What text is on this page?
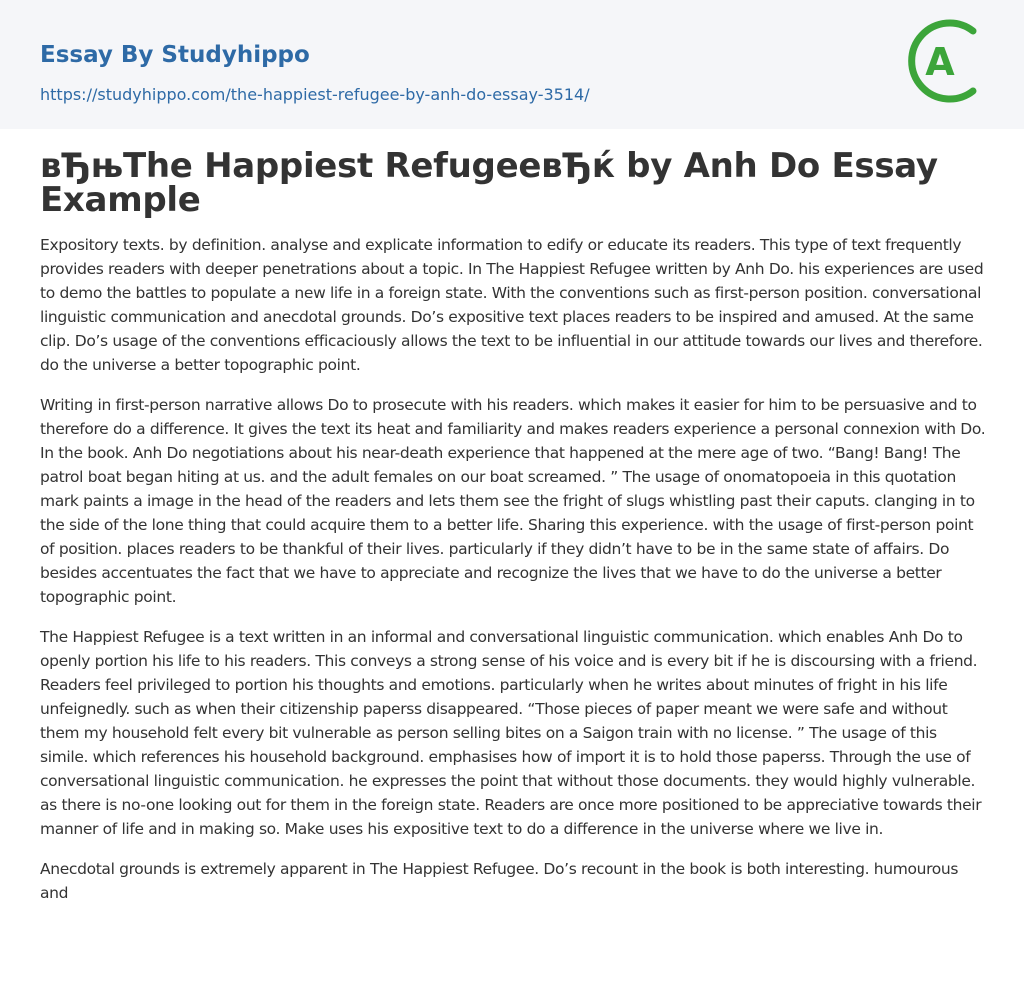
Essay By Studyhippo
https://studyhippo.com/the-happiest-refugee-by-anh-do-essay-3514/
A
вЂњThe Happiest RefugeeвЂќ by Anh Do Essay Example

Expository texts. by definition. analyse and explicate information to edify or educate its readers. This type of text frequently provides readers with deeper penetrations about a topic. In The Happiest Refugee written by Anh Do. his experiences are used to demo the battles to populate a new life in a foreign state. With the conventions such as first-person position. conversational linguistic communication and anecdotal grounds. Do’s expositive text places readers to be inspired and amused. At the same clip. Do’s usage of the conventions efficaciously allows the text to be influential in our attitude towards our lives and therefore. do the universe a better topographic point.

Writing in first-person narrative allows Do to prosecute with his readers. which makes it easier for him to be persuasive and to therefore do a difference. It gives the text its heat and familiarity and makes readers experience a personal connexion with Do. In the book. Anh Do negotiations about his near-death experience that happened at the mere age of two. “Bang! Bang! The patrol boat began hiting at us. and the adult females on our boat screamed. ” The usage of onomatopoeia in this quotation mark paints a image in the head of the readers and lets them see the fright of slugs whistling past their caputs. clanging in to the side of the lone thing that could acquire them to a better life. Sharing this experience. with the usage of first-person point of position. places readers to be thankful of their lives. particularly if they didn’t have to be in the same state of affairs. Do besides accentuates the fact that we have to appreciate and recognize the lives that we have to do the universe a better topographic point.

The Happiest Refugee is a text written in an informal and conversational linguistic communication. which enables Anh Do to openly portion his life to his readers. This conveys a strong sense of his voice and is every bit if he is discoursing with a friend. Readers feel privileged to portion his thoughts and emotions. particularly when he writes about minutes of fright in his life unfeignedly. such as when their citizenship paperss disappeared. “Those pieces of paper meant we were safe and without them my household felt every bit vulnerable as person selling bites on a Saigon train with no license. ” The usage of this simile. which references his household background. emphasises how of import it is to hold those paperss. Through the use of conversational linguistic communication. he expresses the point that without those documents. they would highly vulnerable. as there is no-one looking out for them in the foreign state. Readers are once more positioned to be appreciative towards their manner of life and in making so. Make uses his expositive text to do a difference in the universe where we live in.

Anecdotal grounds is extremely apparent in The Happiest Refugee. Do’s recount in the book is both interesting. humourous and
